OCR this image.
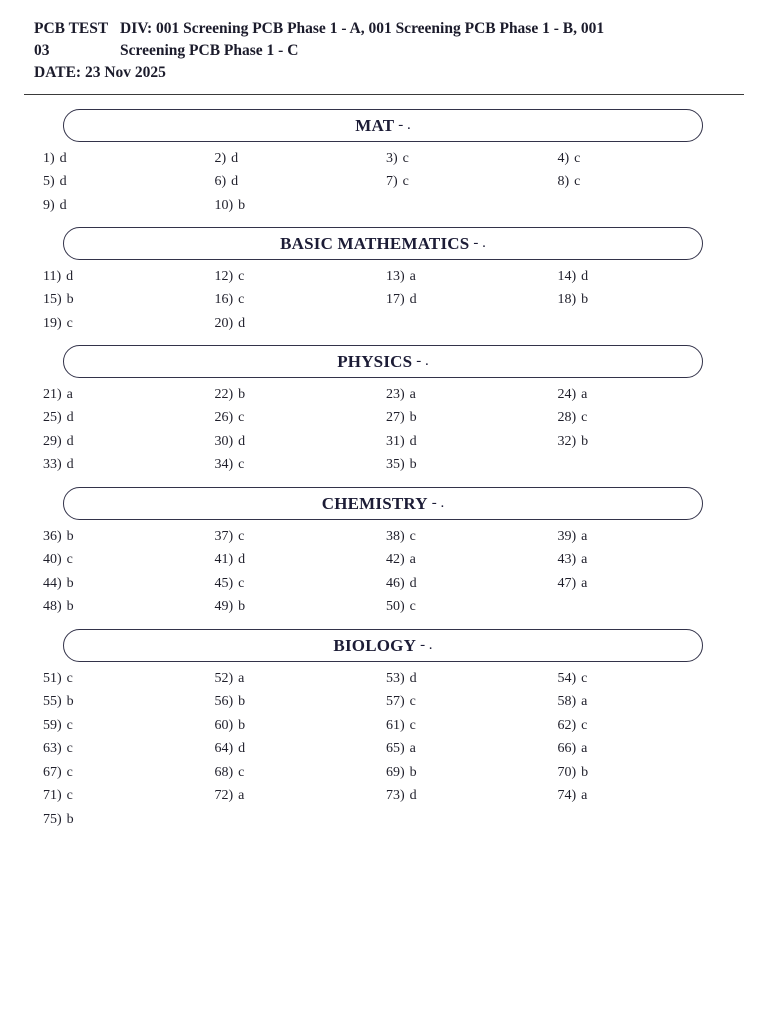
PCB TEST DIV: 001 Screening PCB Phase 1 - A, 001 Screening PCB Phase 1 - B, 001
03	Screening PCB Phase 1 - C
DATE: 23 Nov 2025
MAT - .
1) d	2) d	3) c	4) c
5) d	6) d	7) c	8) c
9) d	10) b
BASIC MATHEMATICS - .
11) d	12) c	13) a	14) d
15) b	16) c	17) d	18) b
19) c	20) d
PHYSICS - .
21) a	22) b	23) a	24) a
25) d	26) c	27) b	28) c
29) d	30) d	31) d	32) b
33) d	34) c	35) b
CHEMISTRY - .
36) b	37) c	38) c	39) a
40) c	41) d	42) a	43) a
44) b	45) c	46) d	47) a
48) b	49) b	50) c
BIOLOGY - .
51) c	52) a	53) d	54) c
55) b	56) b	57) c	58) a
59) c	60) b	61) c	62) c
63) c	64) d	65) a	66) a
67) c	68) c	69) b	70) b
71) c	72) a	73) d	74) a
75) b
